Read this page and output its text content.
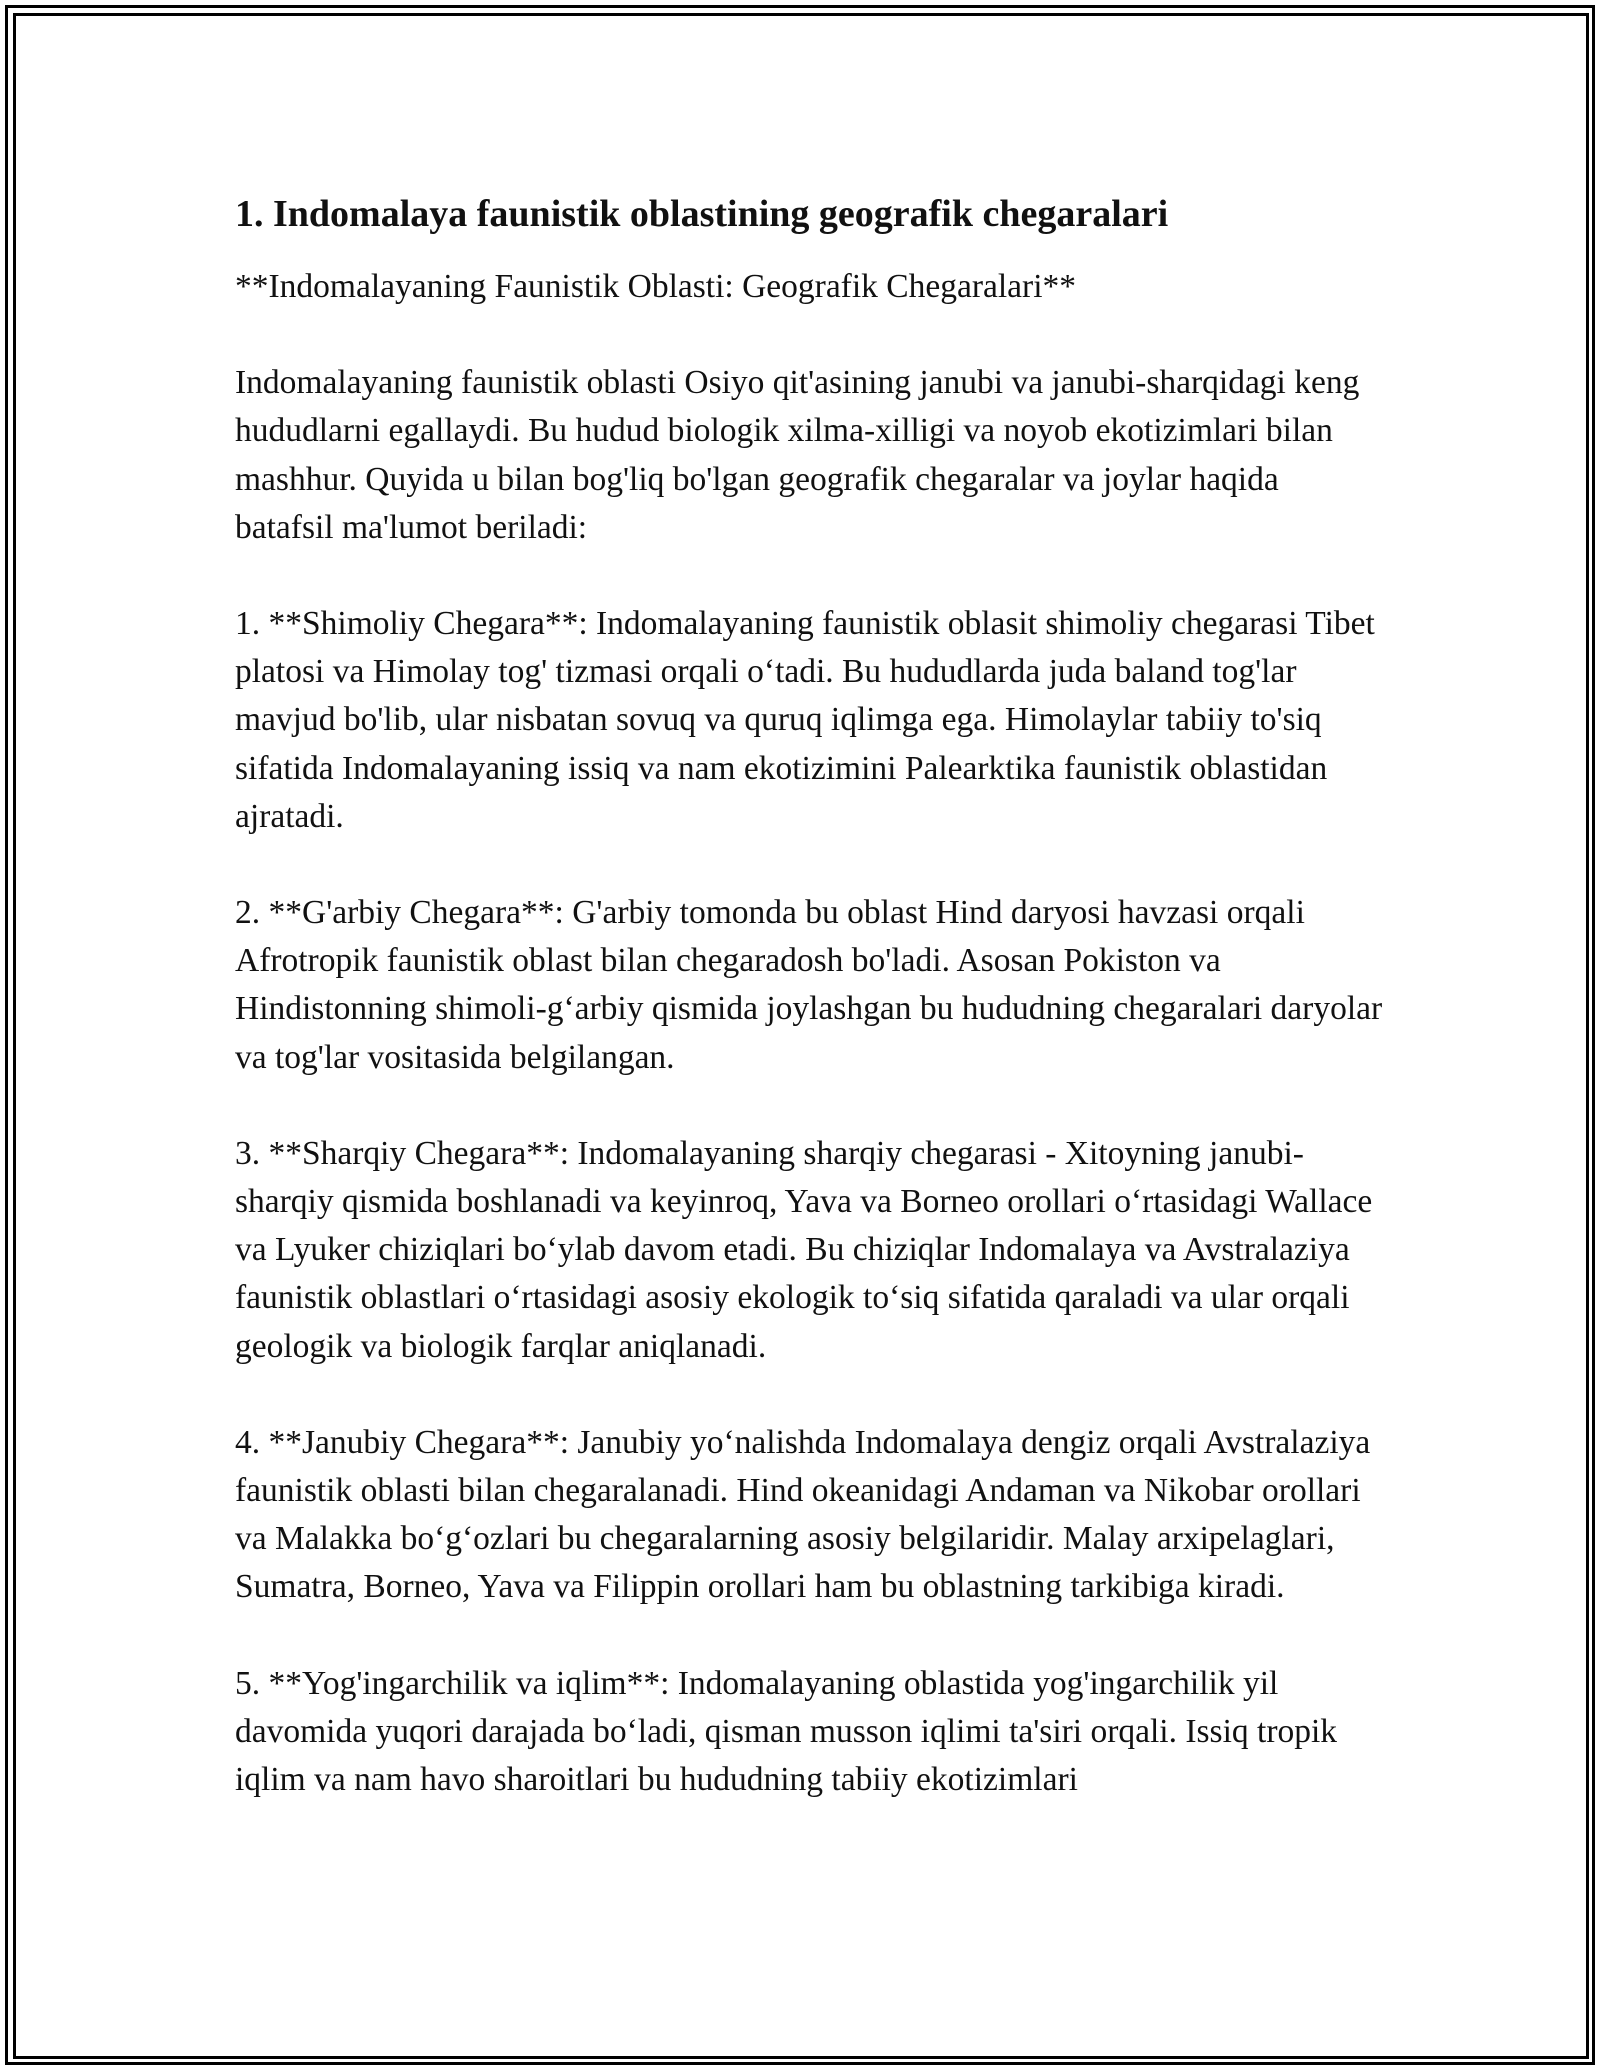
1. Indomalaya faunistik oblastining geografik chegaralari

**Indomalayaning Faunistik Oblasti: Geografik Chegaralari**

Indomalayaning faunistik oblasti Osiyo qit'asining janubi va janubi-sharqidagi keng hududlarni egallaydi. Bu hudud biologik xilma-xilligi va noyob ekotizimlari bilan mashhur. Quyida u bilan bog'liq bo'lgan geografik chegaralar va joylar haqida batafsil ma'lumot beriladi:

1. **Shimoliy Chegara**: Indomalayaning faunistik oblasit shimoliy chegarasi Tibet platosi va Himolay tog' tizmasi orqali o‘tadi. Bu hududlarda juda baland tog'lar mavjud bo'lib, ular nisbatan sovuq va quruq iqlimga ega. Himolaylar tabiiy to'siq sifatida Indomalayaning issiq va nam ekotizimini Palearktika faunistik oblastidan ajratadi.

2. **G'arbiy Chegara**: G'arbiy tomonda bu oblast Hind daryosi havzasi orqali Afrotropik faunistik oblast bilan chegaradosh bo'ladi. Asosan Pokiston va Hindistonning shimoli-g‘arbiy qismida joylashgan bu hududning chegaralari daryolar va tog'lar vositasida belgilangan.

3. **Sharqiy Chegara**: Indomalayaning sharqiy chegarasi - Xitoyning janubi-sharqiy qismida boshlanadi va keyinroq, Yava va Borneo orollari o‘rtasidagi Wallace va Lyuker chiziqlari bo‘ylab davom etadi. Bu chiziqlar Indomalaya va Avstralaziya faunistik oblastlari o‘rtasidagi asosiy ekologik to‘siq sifatida qaraladi va ular orqali geologik va biologik farqlar aniqlanadi.

4. **Janubiy Chegara**: Janubiy yo‘nalishda Indomalaya dengiz orqali Avstralaziya faunistik oblasti bilan chegaralanadi. Hind okeanidagi Andaman va Nikobar orollari va Malakka bo‘g‘ozlari bu chegaralarning asosiy belgilaridir. Malay arxipelaglari, Sumatra, Borneo, Yava va Filippin orollari ham bu oblastning tarkibiga kiradi.

5. **Yog'ingarchilik va iqlim**: Indomalayaning oblastida yog'ingarchilik yil davomida yuqori darajada bo‘ladi, qisman musson iqlimi ta'siri orqali. Issiq tropik iqlim va nam havo sharoitlari bu hududning tabiiy ekotizimlari
